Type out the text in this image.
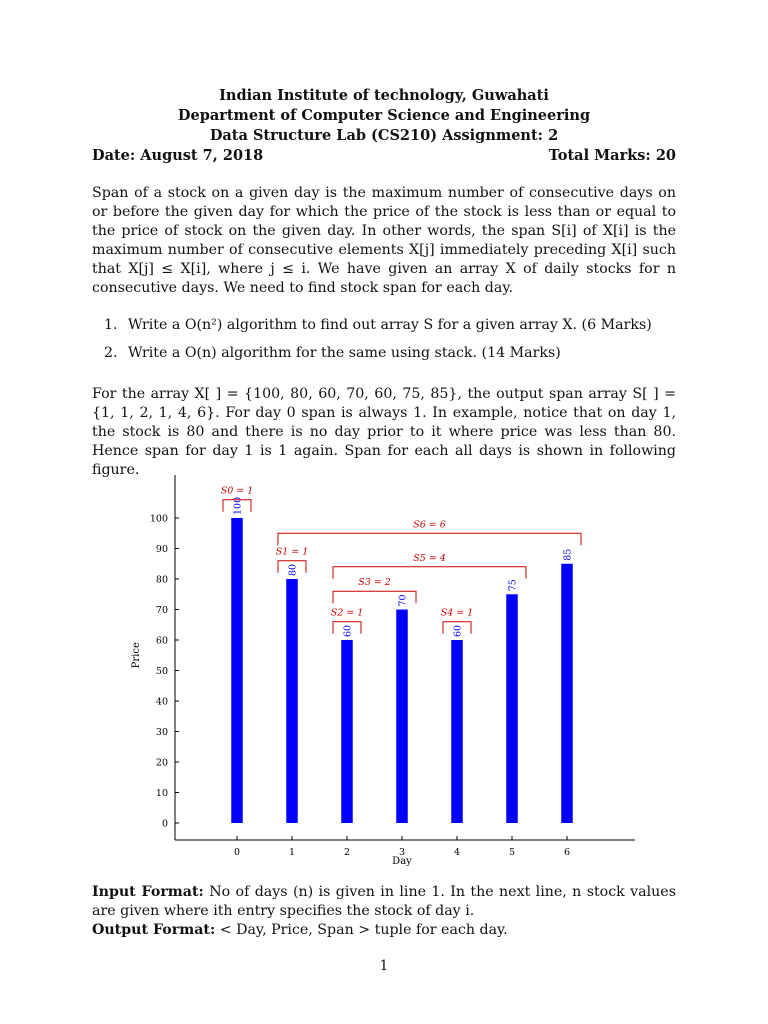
Indian Institute of technology, Guwahati
Department of Computer Science and Engineering
Data Structure Lab (CS210) Assignment: 2
Date: August 7, 2018	Total Marks: 20

Span of a stock on a given day is the maximum number of consecutive days on or before the given day for which the price of the stock is less than or equal to the price of stock on the given day. In other words, the span S[i] of X[i] is the maximum number of consecutive elements X[j] immediately preceding X[i] such that X[j] ≤ X[i], where j ≤ i. We have given an array X of daily stocks for n consecutive days. We need to find stock span for each day.

1. Write a O(n²) algorithm to find out array S for a given array X. (6 Marks)
2. Write a O(n) algorithm for the same using stack. (14 Marks)

For the array X[ ] = {100, 80, 60, 70, 60, 75, 85}, the output span array S[ ] = {1, 1, 2, 1, 4, 6}. For day 0 span is always 1. In example, notice that on day 1, the stock is 80 and there is no day prior to it where price was less than 80. Hence span for day 1 is 1 again. Span for each all days is shown in following figure.

0
10
20
30
40
50
60
70
80
90
100
0	1	2	3	4	5	6
Day
Price
100
80
60
70
60
75
85
S0 = 1
S1 = 1
S2 = 1
S3 = 2
S4 = 1
S5 = 4
S6 = 6

Input Format: No of days (n) is given in line 1. In the next line, n stock values are given where ith entry specifies the stock of day i.
Output Format: < Day, Price, Span > tuple for each day.

1
